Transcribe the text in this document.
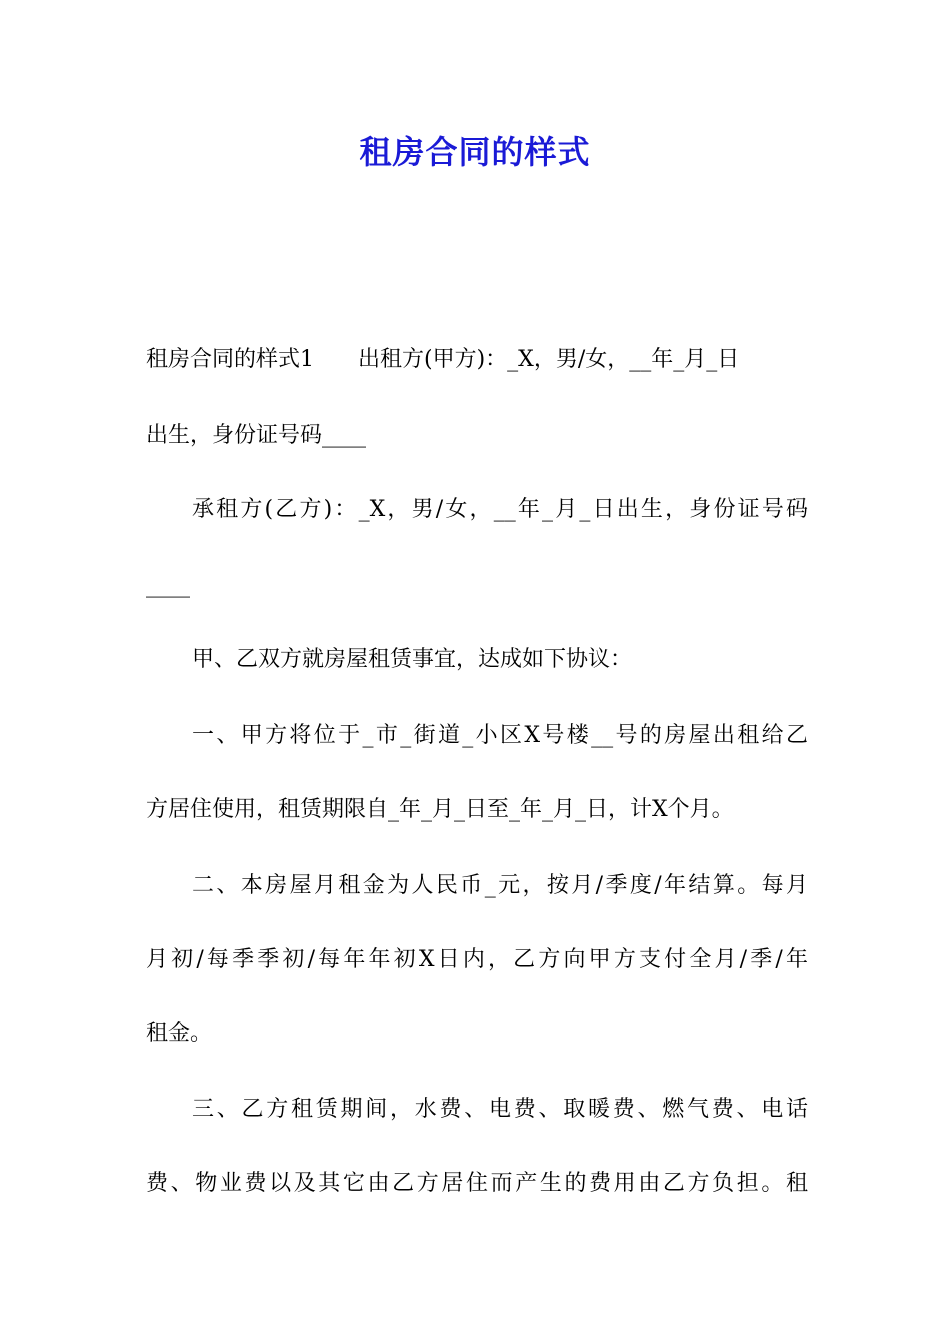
租房合同的样式
租房合同的样式1 出租方(甲方)：_X，男/女，__年_月_日
出生，身份证号码____
承租方(乙方)：_X，男/女，__年_月_日出生，身份证号码
____
甲、乙双方就房屋租赁事宜，达成如下协议：
一、甲方将位于_市_街道_小区X号楼__号的房屋出租给乙
方居住使用，租赁期限自_年_月_日至_年_月_日，计X个月。
二、本房屋月租金为人民币_元，按月/季度/年结算。每月
月初/每季季初/每年年初X日内，乙方向甲方支付全月/季/年
租金。
三、乙方租赁期间，水费、电费、取暖费、燃气费、电话
费、物业费以及其它由乙方居住而产生的费用由乙方负担。租
